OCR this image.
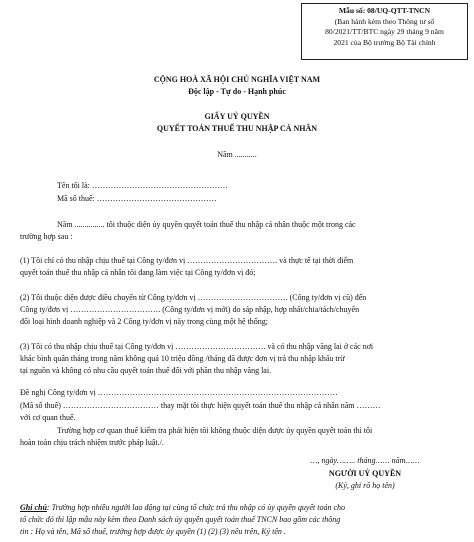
Mẫu số: 08/UQ-QTT-TNCN
(Ban hành kèm theo Thông tư số
80/2021/TT/BTC ngày 29 tháng 9 năm
2021 của Bộ trưởng Bộ Tài chính
CỘNG HOÀ XÃ HỘI CHỦ NGHĨA VIỆT NAM
Độc lập - Tự do - Hạnh phúc
GIẤY UỶ QUYỀN
QUYẾT TOÁN THUẾ THU NHẬP CÁ NHÂN
Năm ...........
Tên tôi là: ……………………………………………
Mã số thuế: ………………………………………
Năm ............... tôi thuộc diện ủy quyền quyết toán thuế thu nhập cá nhân thuộc một trong các
trường hợp sau :
(1) Tôi chỉ có thu nhập chịu thuế tại Công ty/đơn vị ……………………………. và thực tế tại thời điểm
quyết toán thuế thu nhập cá nhân tôi đang làm việc tại Công ty/đơn vị đó;
(2) Tôi thuộc diện được điều chuyển từ Công ty/đơn vị ……………………………. (Công ty/đơn vị cũ) đến
Công ty/đơn vị ……………………………. (Công ty/đơn vị mới) do sáp nhập, hợp nhất/chia/tách/chuyển
đổi loại hình doanh nghiệp và 2 Công ty/đơn vị này trong cùng một hệ thống;
(3) Tôi có thu nhập chịu thuế tại Công ty/đơn vị ……………………………. và có thu nhập vãng lai ở các nơi
khác bình quân tháng trong năm không quá 10 triệu đồng /tháng đã được đơn vị trả thu nhập khấu trừ
tại nguồn và không có nhu cầu quyết toán thuế đối với phần thu nhập vãng lai.
Đề nghị Công ty/đơn vị ………………………………………………………………………………
(Mã số thuế) ……………………………… thay mặt tôi thực hiện quyết toán thuế thu nhập cá nhân năm ………
với cơ quan thuế.
Trường hợp cơ quan thuế kiểm tra phát hiện tôi không thuộc diện được ủy quyền quyết toán thì tôi
hoàn toàn chịu trách nhiệm trước pháp luật./.
…, ngày…….. tháng…… năm……
NGƯỜI UỶ QUYỀN
(Ký, ghi rõ họ tên)
Ghi chú: Trường hợp nhiều người lao động tại cùng tổ chức trả thu nhập có ủy quyền quyết toán cho
tổ chức đó thì lập mẫu này kèm theo Danh sách ủy quyền quyết toán thuế TNCN bao gồm các thông
tin : Họ và tên, Mã số thuế, trường hợp được ủy quyền (1) (2) (3) nêu trên, Ký tên .
